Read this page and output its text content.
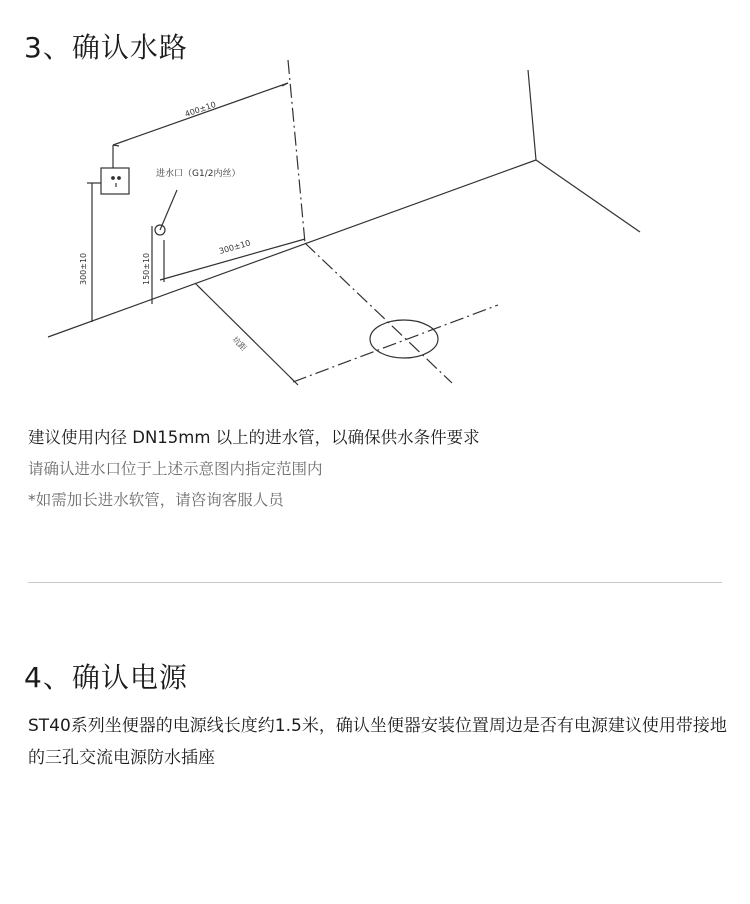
3、确认水路
400±10
300±10
300±10	150±10
坑距
进水口（G1/2内丝）

建议使用内径 DN15mm 以上的进水管，以确保供水条件要求

请确认进水口位于上述示意图内指定范围内

*如需加长进水软管，请咨询客服人员

4、确认电源

ST40系列坐便器的电源线长度约1.5米，确认坐便器安装位置周边是否有电源建议使用带接地的三孔交流电源防水插座
